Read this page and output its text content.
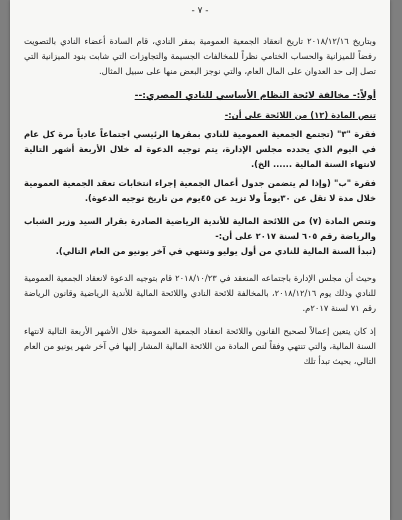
- ٧ -

وبتاريخ ٢٠١٨/١٢/١٦ تاريخ انعقاد الجمعية العمومية بمقر النادي، قام السادة أعضاء النادي بالتصويت رفضاً للميزانية والحساب الختامي نظراً للمخالفات الجسيمة والتجاوزات التي شابت بنود الميزانية التي تصل إلى حد العدوان على المال العام، والتي نوجز البعض منها على سبيل المثال.

أولاً:- مخالفة لائحة النظام الأساسي للنادي المصري:--

تنص المادة (١٢) من اللائحة على أن:-

فقرة "٣" (تجتمع الجمعية العمومية للنادي بمقرها الرئيسي اجتماعاً عادياً مرة كل عام في اليوم الذي يحدده مجلس الإدارة، يتم توجيه الدعوة له خلال الأربعة أشهر التالية لانتهاء السنة المالية ...... الخ).

فقرة "ب" (وإذا لم يتضمن جدول أعمال الجمعية إجراء انتخابات تعقد الجمعية العمومية خلال مدة لا تقل عن ٣٠يوماً ولا تزيد عن ٤٥يوم من تاريخ توجيه الدعوة).

وتنص المادة (٧) من اللائحة المالية للأندية الرياضية الصادرة بقرار السيد وزير الشباب والرياضة رقم ٦٠٥ لسنة ٢٠١٧ على أن:-

(تبدأ السنة المالية للنادي من أول يوليو وتنتهي في آخر يونيو من العام التالي).

وحيث أن مجلس الإدارة باجتماعه المنعقد في ٢٠١٨/١٠/٢٣ قام بتوجيه الدعوة لانعقاد الجمعية العمومية للنادي وذلك يوم ٢٠١٨/١٢/١٦، بالمخالفة للائحة النادي واللائحة المالية للأندية الرياضية وقانون الرياضة رقم ٧١ لسنة ٢٠١٧م.

إذ كان يتعين إعمالاً لصحيح القانون واللائحة انعقاد الجمعية العمومية خلال الأشهر الأربعة التالية لانتهاء السنة المالية، والتي تنتهي وفقاً لنص المادة من اللائحة المالية المشار إليها في آخر شهر يونيو من العام التالي، بحيث تبدأ تلك
